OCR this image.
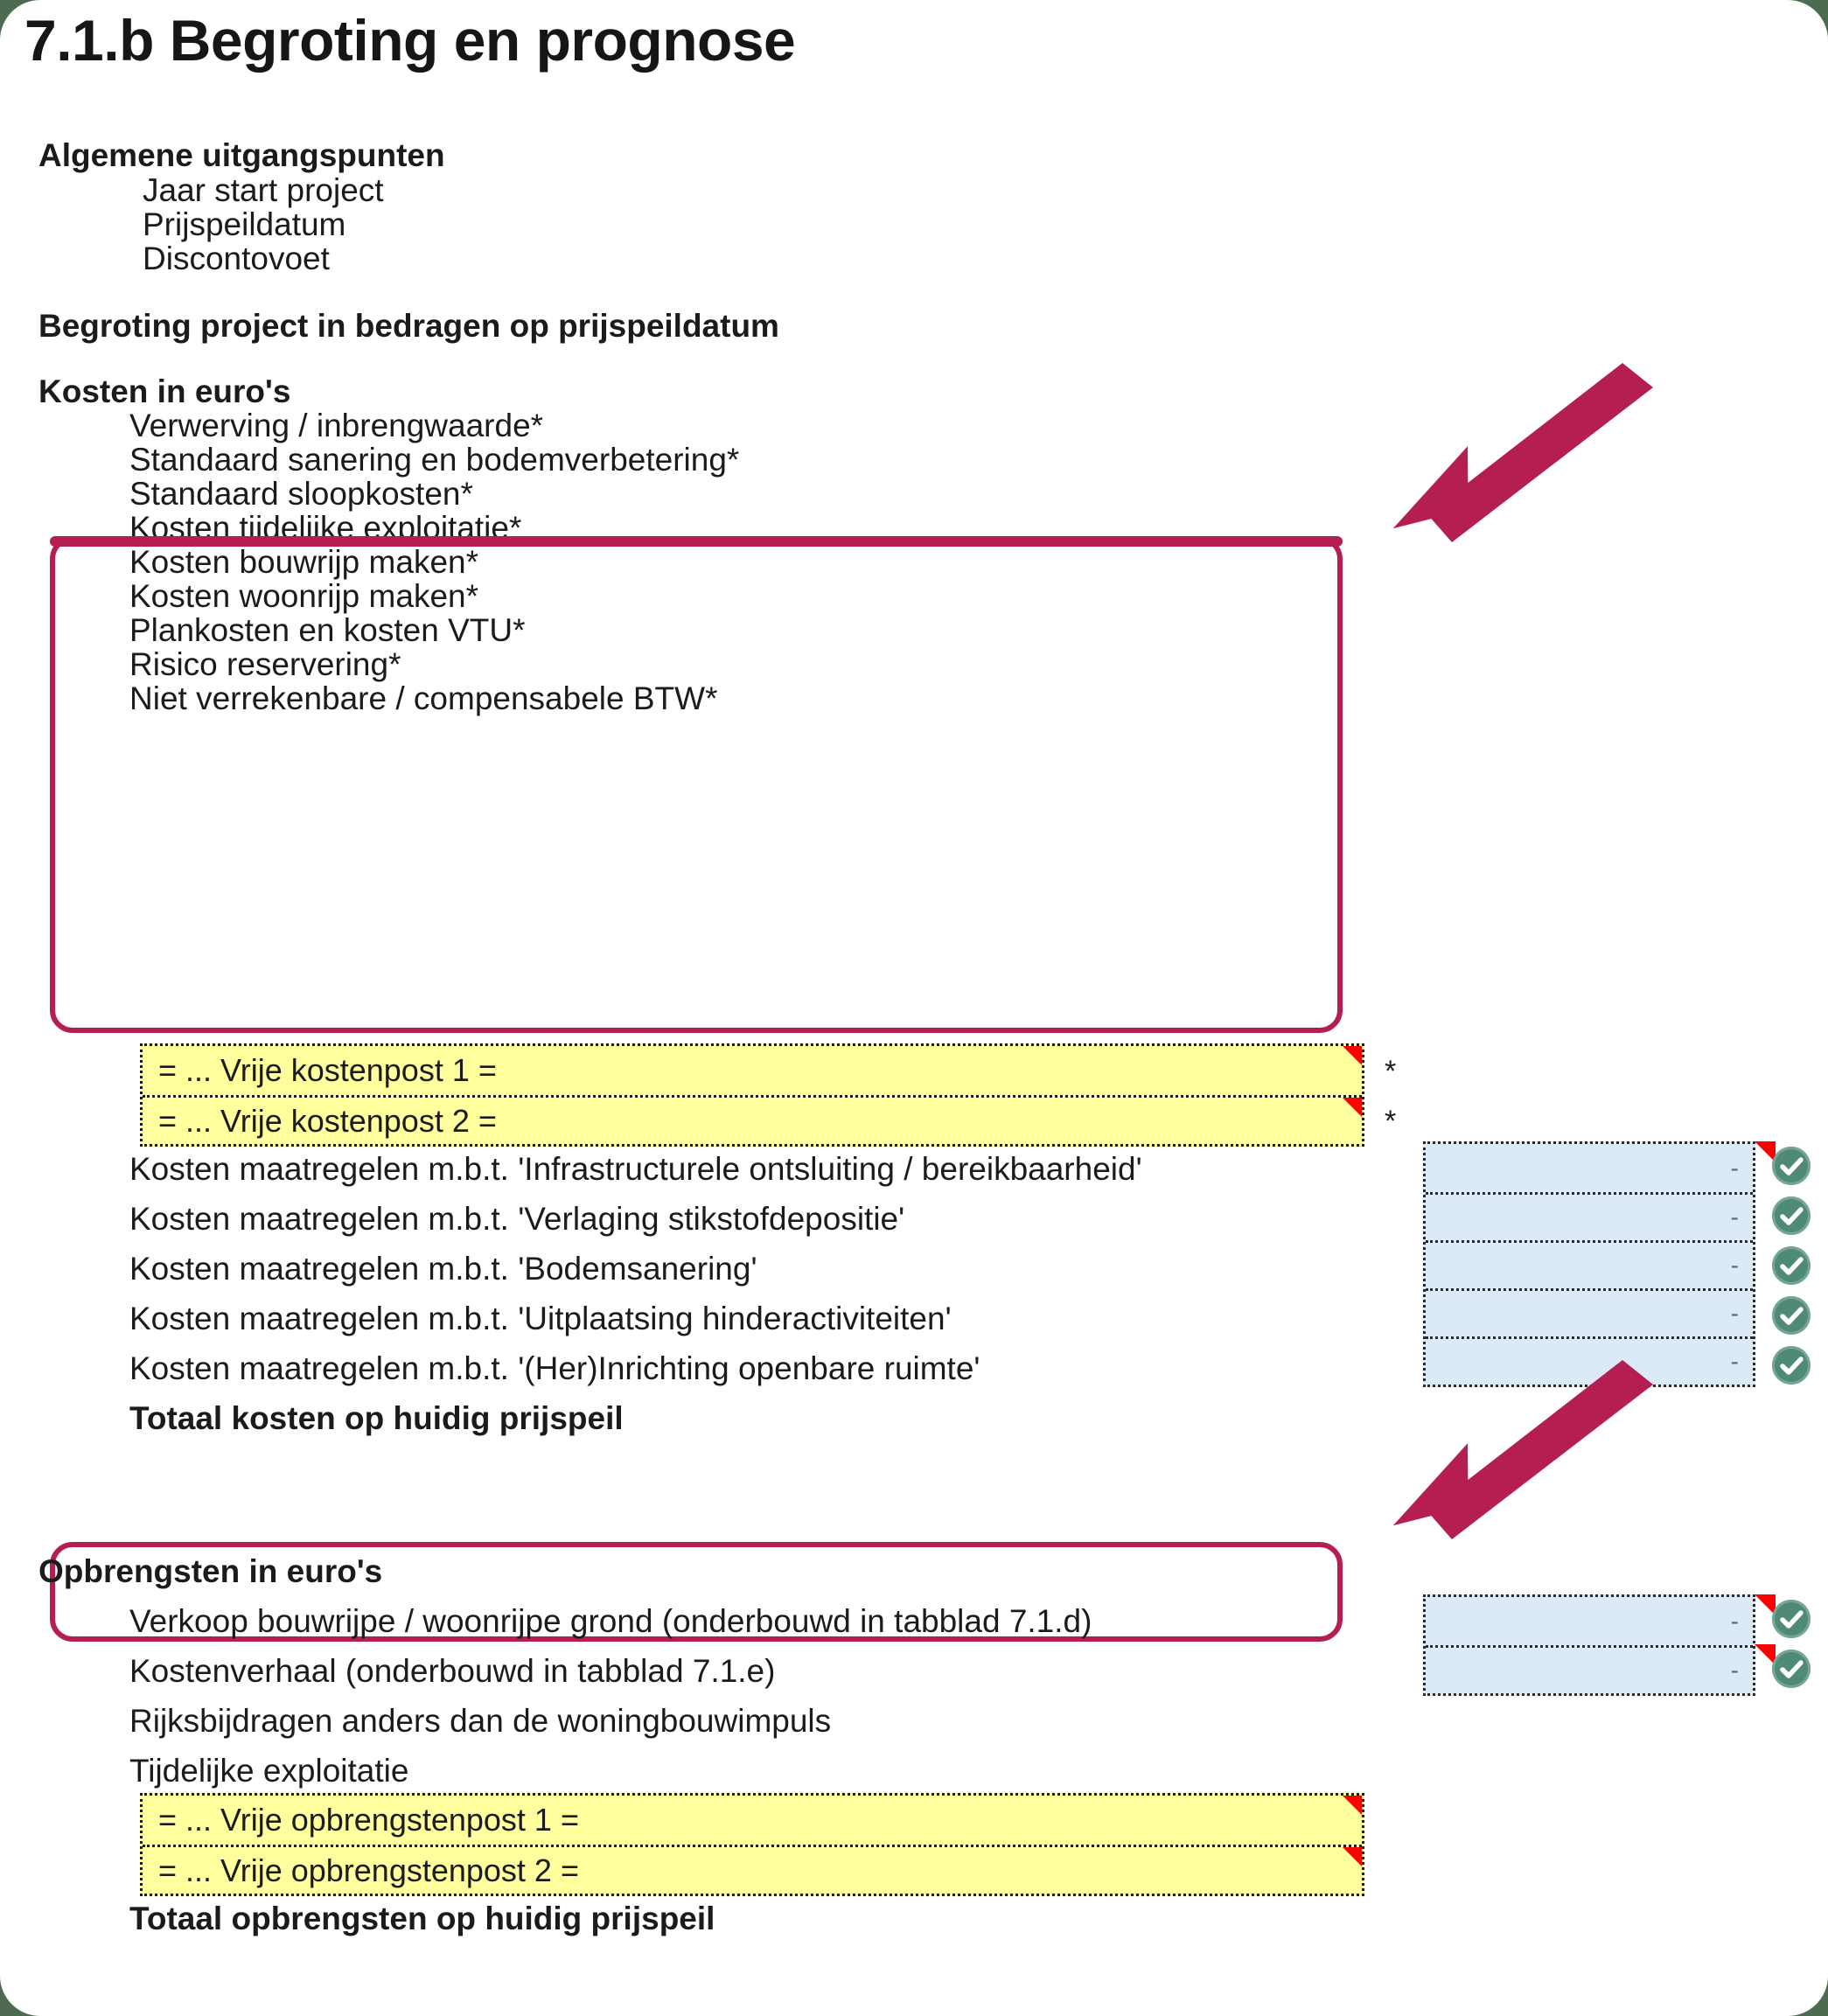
7.1.b Begroting en prognose
Algemene uitgangspunten
Jaar start project
Prijspeildatum
Discontovoet
Begroting project in bedragen op prijspeildatum
Kosten in euro's
Verwerving / inbrengwaarde*
Standaard sanering en bodemverbetering*
Standaard sloopkosten*
Kosten tijdelijke exploitatie*
Kosten bouwrijp maken*
Kosten woonrijp maken*
Plankosten en kosten VTU*
Risico reservering*
Niet verrekenbare / compensabele BTW*
= ... Vrije kostenpost 1 =
= ... Vrije kostenpost 2 =
*
*
Kosten maatregelen m.b.t. 'Infrastructurele ontsluiting / bereikbaarheid'
Kosten maatregelen m.b.t. 'Verlaging stikstofdepositie'
Kosten maatregelen m.b.t. 'Bodemsanering'
Kosten maatregelen m.b.t. 'Uitplaatsing hinderactiviteiten'
Kosten maatregelen m.b.t. '(Her)Inrichting openbare ruimte'
-
-
-
-
-
Totaal kosten op huidig prijspeil
Opbrengsten in euro's
Verkoop bouwrijpe / woonrijpe grond (onderbouwd in tabblad 7.1.d)
Kostenverhaal (onderbouwd in tabblad 7.1.e)
Rijksbijdragen anders dan de woningbouwimpuls
Tijdelijke exploitatie
-
-
= ... Vrije opbrengstenpost 1 =
= ... Vrije opbrengstenpost 2 =
Totaal opbrengsten op huidig prijspeil
